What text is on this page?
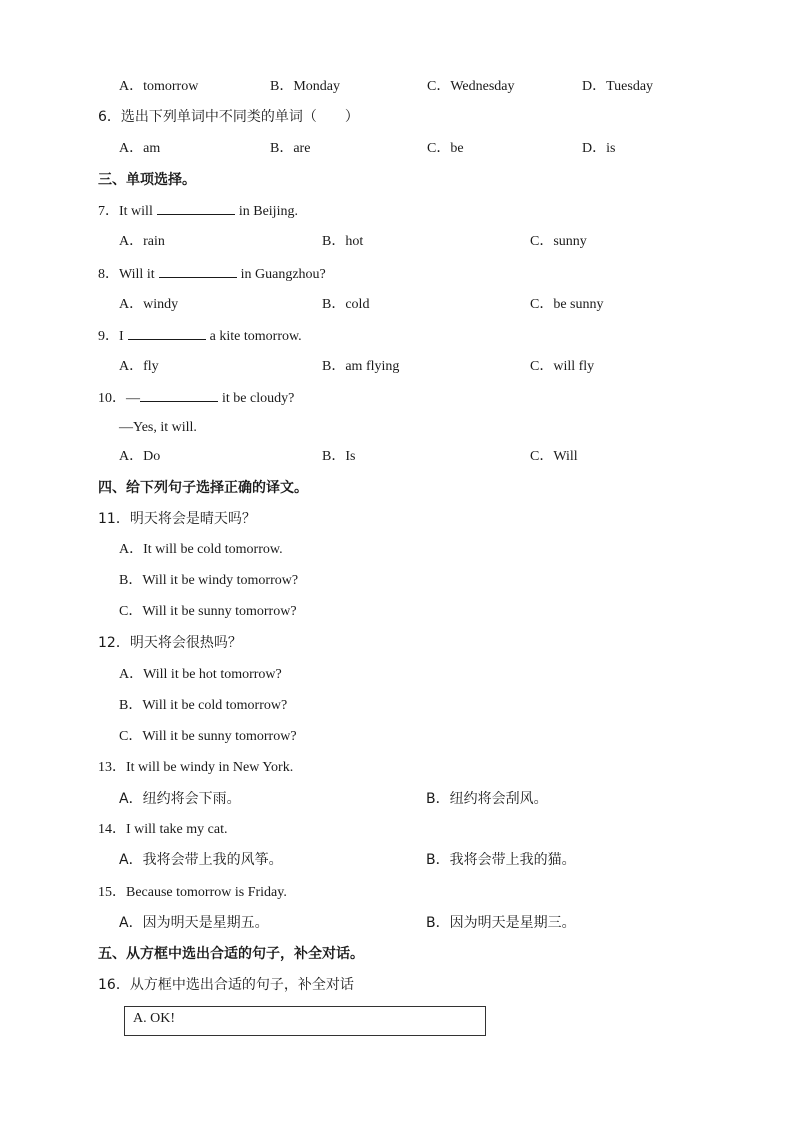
A．tomorrow	B．Monday	C．Wednesday	D．Tuesday
6．选出下列单词中不同类的单词（　　）
A．am	B．are	C．be	D．is
三、单项选择。
7．It will	in Beijing.
A．rain	B．hot	C．sunny
8．Will it	in Guangzhou?
A．windy	B．cold	C．be sunny
9．I	a kite tomorrow.
A．fly	B．am flying	C．will fly
10．—	it be cloudy?
—Yes, it will.
A．Do	B．Is	C．Will
四、给下列句子选择正确的译文。
11．明天将会是晴天吗？
A．It will be cold tomorrow.
B．Will it be windy tomorrow?
C．Will it be sunny tomorrow?
12．明天将会很热吗？
A．Will it be hot tomorrow?
B．Will it be cold tomorrow?
C．Will it be sunny tomorrow?
13．It will be windy in New York.
A．纽约将会下雨。	B．纽约将会刮风。
14．I will take my cat.
A．我将会带上我的风筝。	B．我将会带上我的猫。
15．Because tomorrow is Friday.
A．因为明天是星期五。	B．因为明天是星期三。
五、从方框中选出合适的句子，补全对话。
16．从方框中选出合适的句子，补全对话
A. OK!
